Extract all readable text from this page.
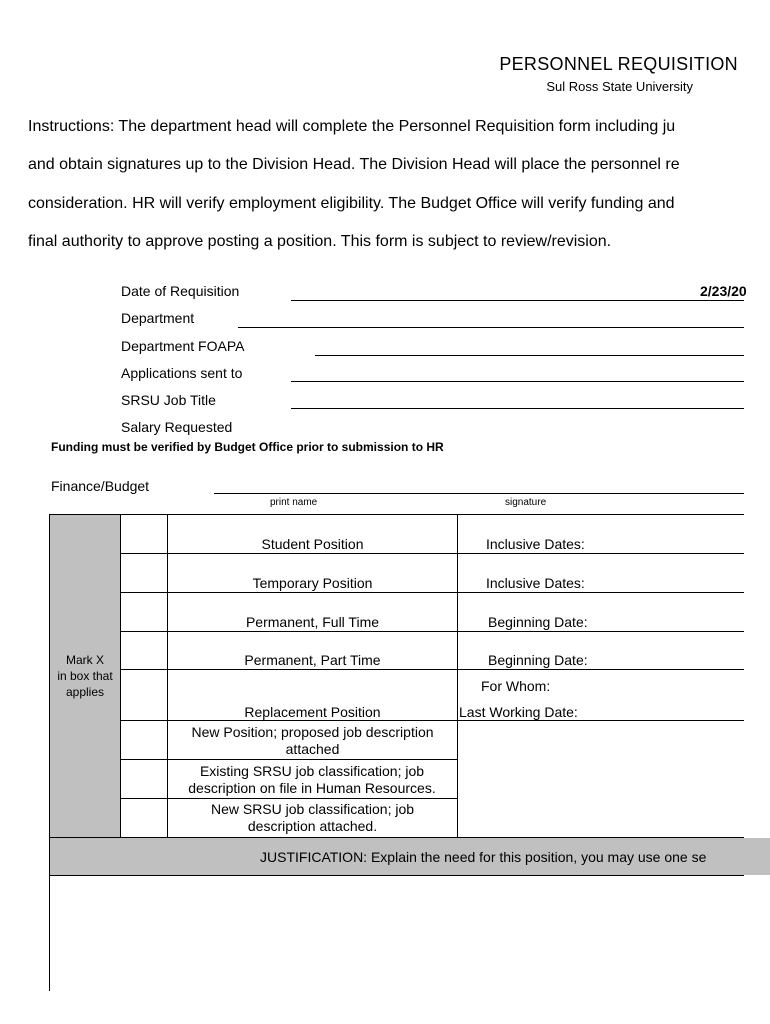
PERSONNEL REQUISITION
Sul Ross State University
Instructions: The department head will complete the Personnel Requisition form including ju
and obtain signatures up to the Division Head. The Division Head will place the personnel re
consideration. HR will verify employment eligibility. The Budget Office will verify funding and
final authority to approve posting a position. This form is subject to review/revision.
Date of Requisition	2/23/20
Department
Department FOAPA
Applications sent to
SRSU Job Title
Salary Requested
Funding must be verified by Budget Office prior to submission to HR
Finance/Budget
print name	signature
Mark X
in box that
applies
Student Position
Temporary Position
Permanent, Full Time
Permanent, Part Time
Replacement Position
New Position; proposed job description attached
Existing SRSU job classification; job description on file in Human Resources.
New SRSU job classification; job description attached.
Inclusive Dates:
Inclusive Dates:
Beginning Date:
Beginning Date:
For Whom:
Last Working Date:
JUSTIFICATION: Explain the need for this position, you may use one se
